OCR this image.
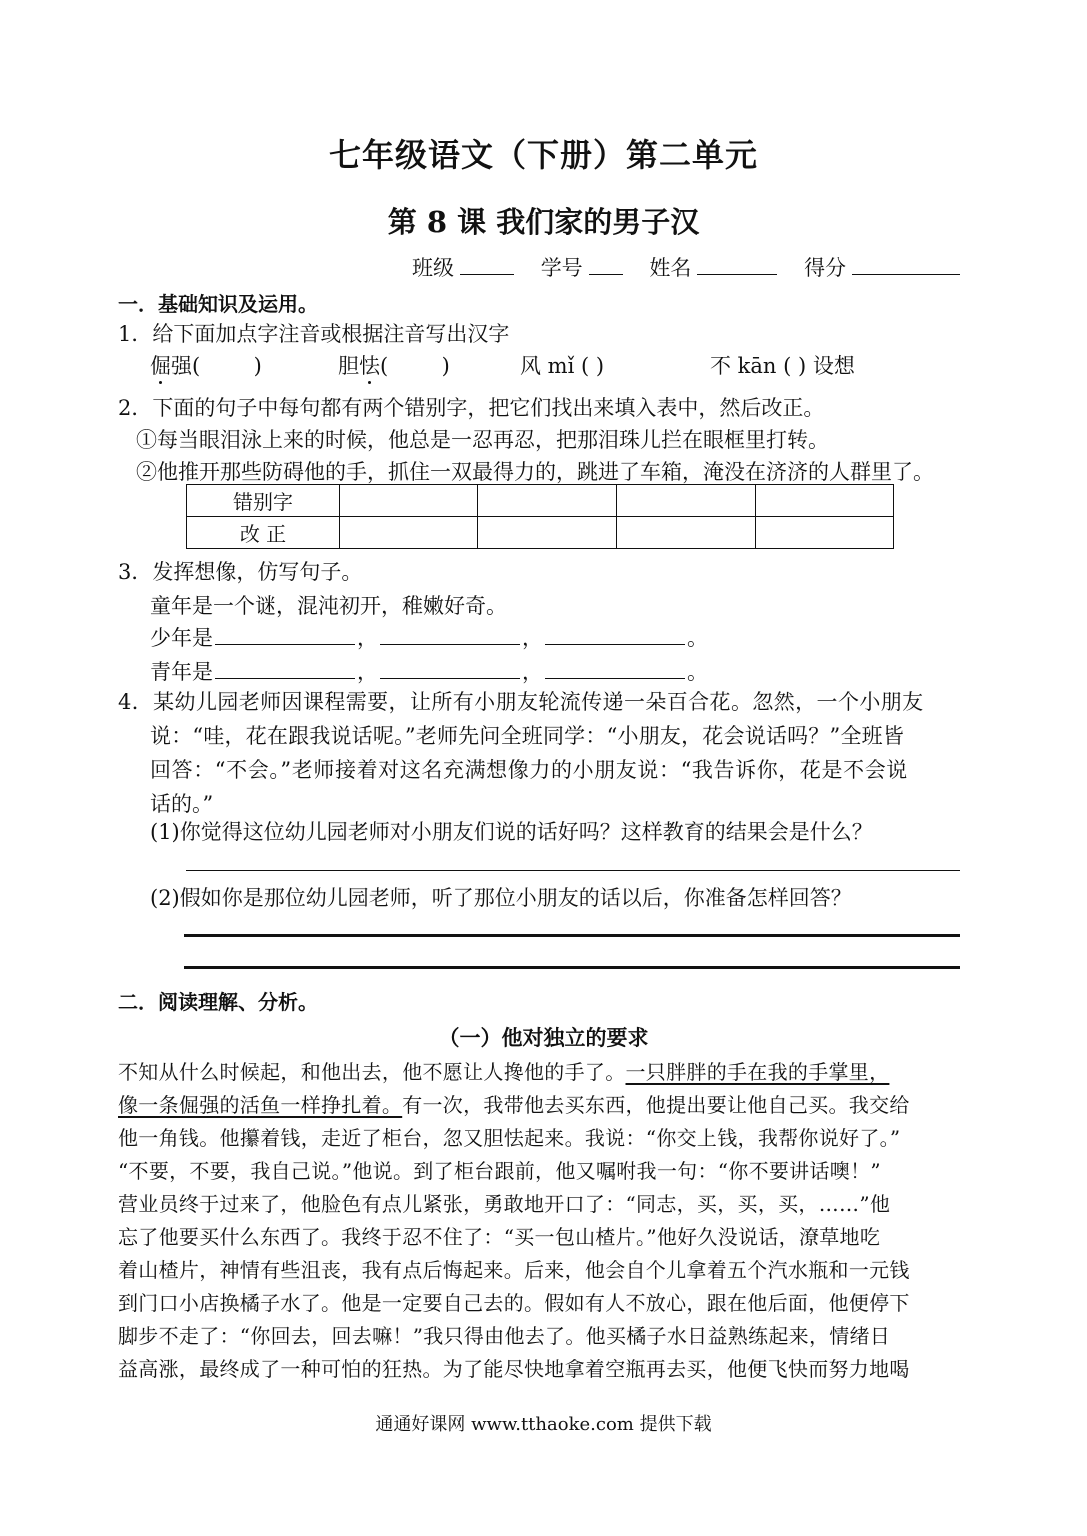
七年级语文（下册）第二单元
第 8 课 我们家的男子汉
班级	学号	姓名	得分
一．基础知识及运用。
1．给下面加点字注音或根据注音写出汉字
倔强(        )	胆怯(        )	风 mǐ ( )	不 kān ( ) 设想
2．下面的句子中每句都有两个错别字，把它们找出来填入表中，然后改正。
①每当眼泪泳上来的时候，他总是一忍再忍，把那泪珠儿拦在眼框里打转。
②他推开那些防碍他的手，抓住一双最得力的，跳进了车箱，淹没在济济的人群里了。
错别字				
改 正				
3．发挥想像，仿写句子。
童年是一个谜，混沌初开，稚嫩好奇。
少年是	，	，	。
青年是	，	，	。
4．某幼儿园老师因课程需要，让所有小朋友轮流传递一朵百合花。忽然，一个小朋友
说：“哇，花在跟我说话呢。”老师先问全班同学：“小朋友，花会说话吗？”全班皆
回答：“不会。”老师接着对这名充满想像力的小朋友说：“我告诉你，花是不会说
话的。”
(1)你觉得这位幼儿园老师对小朋友们说的话好吗？这样教育的结果会是什么？
(2)假如你是那位幼儿园老师，听了那位小朋友的话以后，你准备怎样回答？
二．阅读理解、分析。
（一）他对独立的要求
不知从什么时候起，和他出去，他不愿让人搀他的手了。一只胖胖的手在我的手掌里，
像一条倔强的活鱼一样挣扎着。有一次，我带他去买东西，他提出要让他自己买。我交给
他一角钱。他攥着钱，走近了柜台，忽又胆怯起来。我说：“你交上钱，我帮你说好了。”
“不要，不要，我自己说。”他说。到了柜台跟前，他又嘱咐我一句：“你不要讲话噢！”
营业员终于过来了，他脸色有点儿紧张，勇敢地开口了：“同志，买，买，买，……”他
忘了他要买什么东西了。我终于忍不住了：“买一包山楂片。”他好久没说话，潦草地吃
着山楂片，神情有些沮丧，我有点后悔起来。后来，他会自个儿拿着五个汽水瓶和一元钱
到门口小店换橘子水了。他是一定要自己去的。假如有人不放心，跟在他后面，他便停下
脚步不走了：“你回去，回去嘛！”我只得由他去了。他买橘子水日益熟练起来，情绪日
益高涨，最终成了一种可怕的狂热。为了能尽快地拿着空瓶再去买，他便飞快而努力地喝
通通好课网 www.tthaoke.com 提供下载
